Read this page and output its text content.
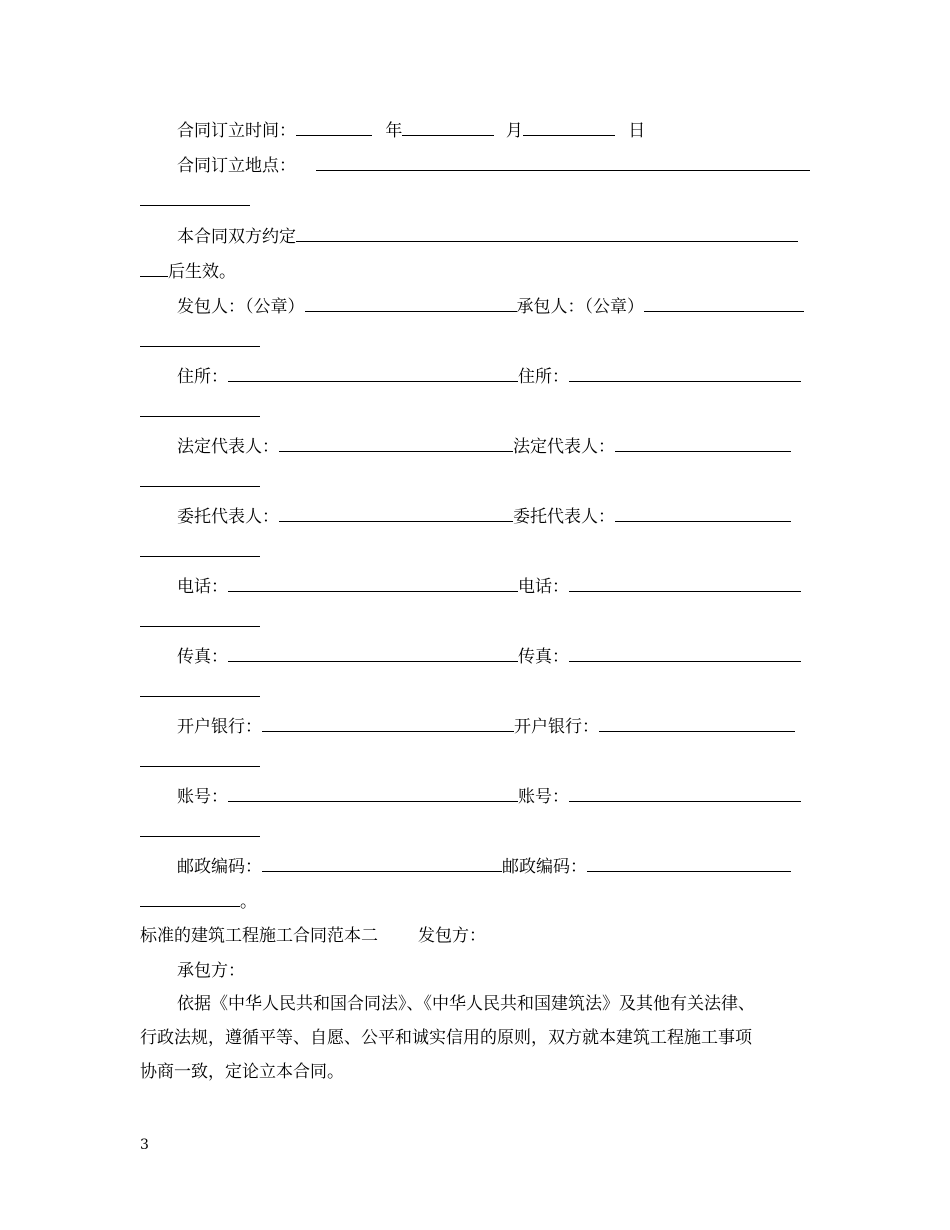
合同订立时间：	年	月	日
合同订立地点：
本合同双方约定
后生效。
发包人：（公章）	承包人：（公章）
住所：	住所：
法定代表人：	法定代表人：
委托代表人：	委托代表人：
电话：	电话：
传真：	传真：
开户银行：	开户银行：
账号：	账号：
邮政编码：	邮政编码：
。
标准的建筑工程施工合同范本二 发包方：
承包方：
依据《中华人民共和国合同法》、《中华人民共和国建筑法》及其他有关法律、
行政法规，遵循平等、自愿、公平和诚实信用的原则，双方就本建筑工程施工事项
协商一致，定论立本合同。
3
